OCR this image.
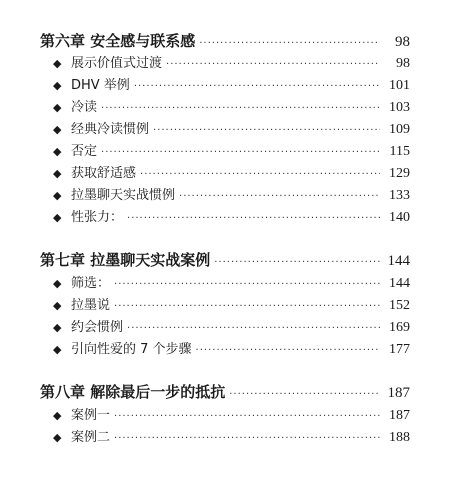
第六章 安全感与联系感 ·····	98
◆ 展示价值式过渡 ·····	98
◆ DHV 举例 ·····	101
◆ 冷读 ·····	103
◆ 经典冷读惯例 ·····	109
◆ 否定 ·····	115
◆ 获取舒适感 ·····	129
◆ 拉墨聊天实战惯例 ·····	133
◆ 性张力： ·····	140
第七章 拉墨聊天实战案例 ·····	144
◆ 筛选： ·····	144
◆ 拉墨说 ·····	152
◆ 约会惯例 ·····	169
◆ 引向性爱的 7 个步骤 ·····	177
第八章 解除最后一步的抵抗 ·····	187
◆ 案例一 ·····	187
◆ 案例二 ·····	188
